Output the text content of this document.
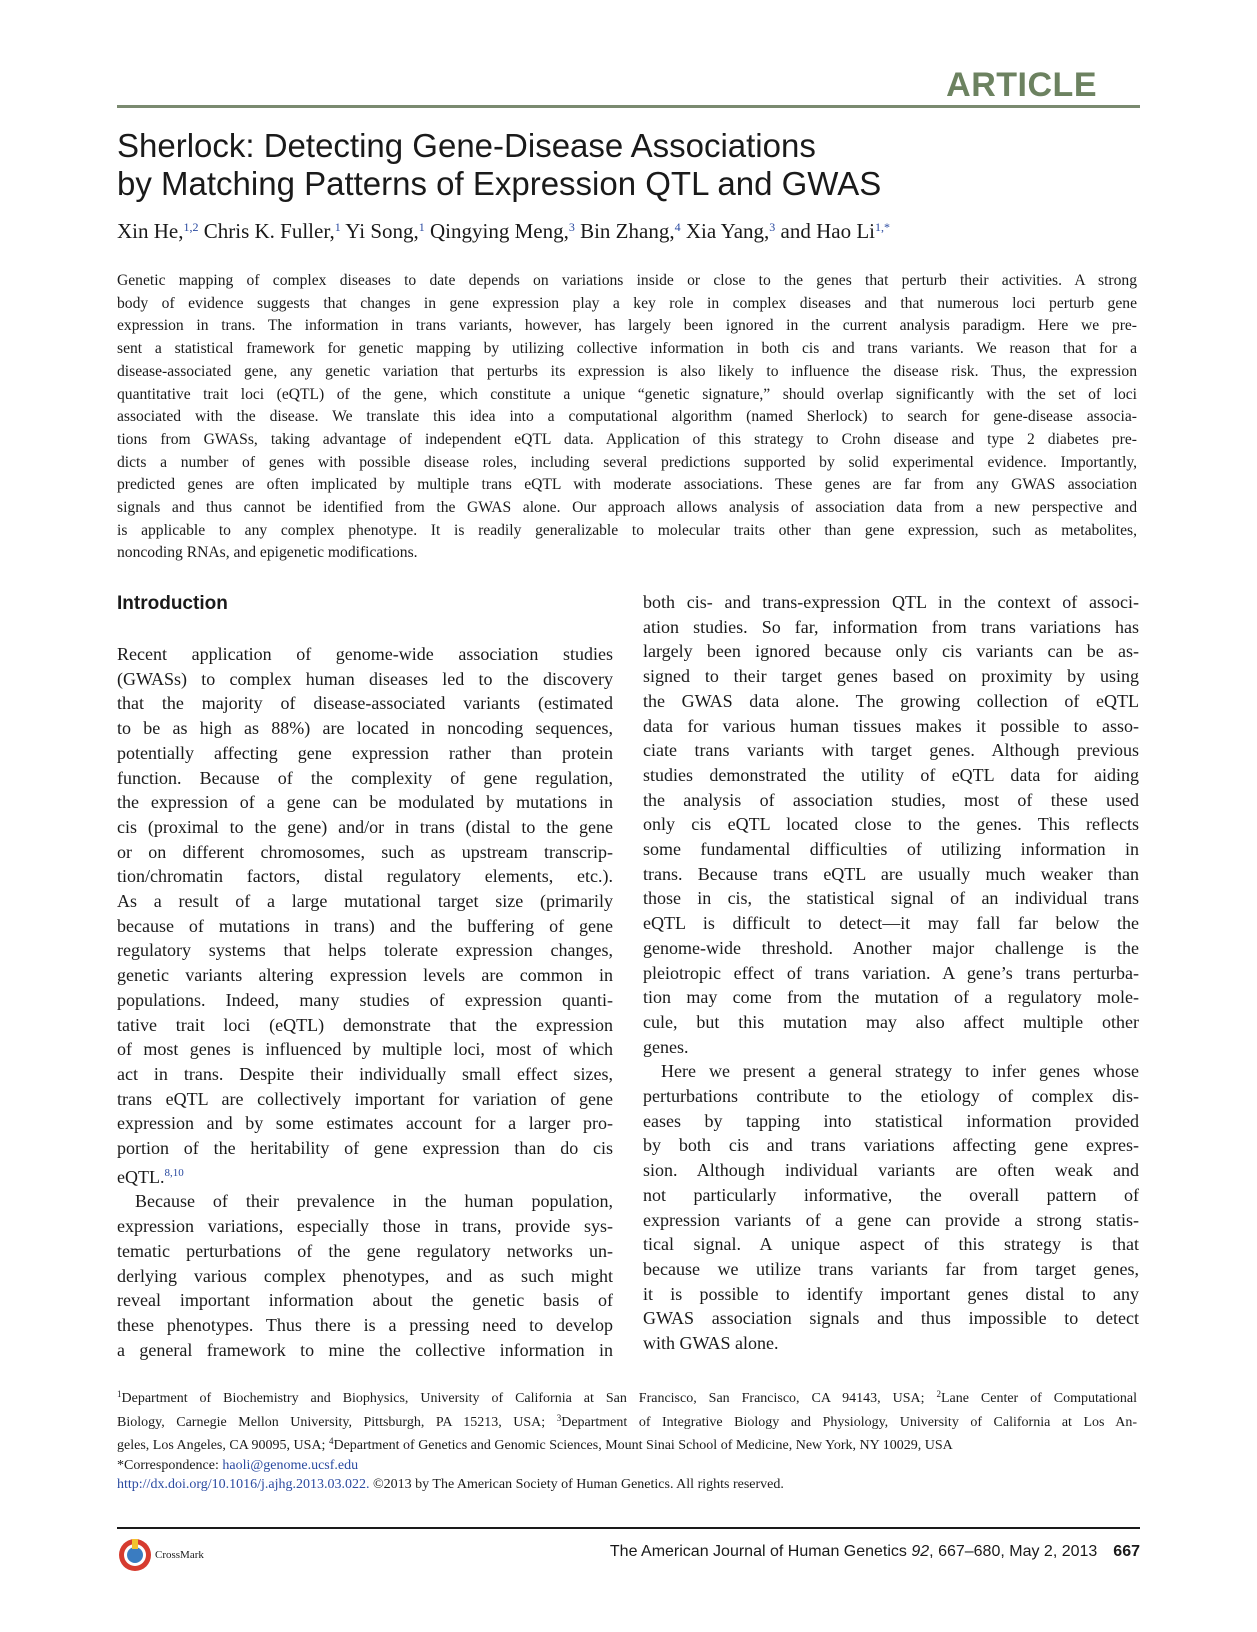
ARTICLE
Sherlock: Detecting Gene-Disease Associations
by Matching Patterns of Expression QTL and GWAS
Xin He,$^{1,2}$ Chris K. Fuller,$^1$ Yi Song,$^1$ Qingying Meng,$^3$ Bin Zhang,$^4$ Xia Yang,$^3$ and Hao $Li^{1,*}$
Genetic mapping of complex diseases to date depends on variations inside or close to the genes that perturb their activities. A strong
body of evidence suggests that changes in gene expression play a key role in complex diseases and that numerous loci perturb gene
expression in trans. The information in trans variants, however, has largely been ignored in the current analysis paradigm. Here we pre-
sent a statistical framework for genetic mapping by utilizing collective information in both cis and trans variants. We reason that for a
disease-associated gene, any genetic variation that perturbs its expression is also likely to influence the disease risk. Thus, the expression
quantitative trait loci (eQTL) of the gene, which constitute a unique “genetic signature,” should overlap significantly with the set of loci
associated with the disease. We translate this idea into a computational algorithm (named Sherlock) to search for gene-disease associa-
tions from GWASs, taking advantage of independent eQTL data. Application of this strategy to Crohn disease and type 2 diabetes pre-
dicts a number of genes with possible disease roles, including several predictions supported by solid experimental evidence. Importantly,
predicted genes are often implicated by multiple trans eQTL with moderate associations. These genes are far from any GWAS association
signals and thus cannot be identified from the GWAS alone. Our approach allows analysis of association data from a new perspective and
is applicable to any complex phenotype. It is readily generalizable to molecular traits other than gene expression, such as metabolites,
noncoding RNAs, and epigenetic modifications.
Introduction
Recent application of genome-wide association studies
(GWASs) to complex human diseases led to the discovery
that the majority of disease-associated variants (estimated
to be as high as 88%) are located in noncoding sequences,
potentially affecting gene expression rather than protein
function. Because of the complexity of gene regulation,
the expression of a gene can be modulated by mutations in
cis (proximal to the gene) and/or in trans (distal to the gene
or on different chromosomes, such as upstream transcrip-
tion/chromatin factors, distal regulatory elements, etc.).
As a result of a large mutational target size (primarily
because of mutations in trans) and the buffering of gene
regulatory systems that helps tolerate expression changes,
genetic variants altering expression levels are common in
populations. Indeed, many studies of expression quanti-
tative trait loci (eQTL) demonstrate that the expression
of most genes is influenced by multiple loci, most of which
act in trans. Despite their individually small effect sizes,
trans eQTL are collectively important for variation of gene
expression and by some estimates account for a larger pro-
portion of the heritability of gene expression than do cis
eQTL.$^{8,10}$
Because of their prevalence in the human population,
expression variations, especially those in trans, provide sys-
tematic perturbations of the gene regulatory networks un-
derlying various complex phenotypes, and as such might
reveal important information about the genetic basis of
these phenotypes. Thus there is a pressing need to develop
a general framework to mine the collective information in
both cis- and trans-expression QTL in the context of associ-
ation studies. So far, information from trans variations has
largely been ignored because only cis variants can be as-
signed to their target genes based on proximity by using
the GWAS data alone. The growing collection of eQTL
data for various human tissues makes it possible to asso-
ciate trans variants with target genes. Although previous
studies demonstrated the utility of eQTL data for aiding
the analysis of association studies, most of these used
only cis eQTL located close to the genes. This reflects
some fundamental difficulties of utilizing information in
trans. Because trans eQTL are usually much weaker than
those in cis, the statistical signal of an individual trans
eQTL is difficult to detect—it may fall far below the
genome-wide threshold. Another major challenge is the
pleiotropic effect of trans variation. A gene’s trans perturba-
tion may come from the mutation of a regulatory mole-
cule, but this mutation may also affect multiple other
genes.
Here we present a general strategy to infer genes whose
perturbations contribute to the etiology of complex dis-
eases by tapping into statistical information provided
by both cis and trans variations affecting gene expres-
sion. Although individual variants are often weak and
not particularly informative, the overall pattern of
expression variants of a gene can provide a strong statis-
tical signal. A unique aspect of this strategy is that
because we utilize trans variants far from target genes,
it is possible to identify important genes distal to any
GWAS association signals and thus impossible to detect
with GWAS alone.
$^1$Department of Biochemistry and Biophysics, University of California at San Francisco, San Francisco, CA 94143, USA; $^2$Lane Center of Computational
Biology, Carnegie Mellon University, Pittsburgh, PA 15213, USA; $^3$Department of Integrative Biology and Physiology, University of California at Los An-
geles, Los Angeles, CA 90095, USA; $^4$Department of Genetics and Genomic Sciences, Mount Sinai School of Medicine, New York, NY 10029, USA
*Correspondence: haoli@genome.ucsf.edu
http://dx.doi.org/10.1016/j.ajhg.2013.03.022. ©2013 by The American Society of Human Genetics. All rights reserved.
CrossMark	The American Journal of Human Genetics 92, 667–680, May 2, 2013 667
